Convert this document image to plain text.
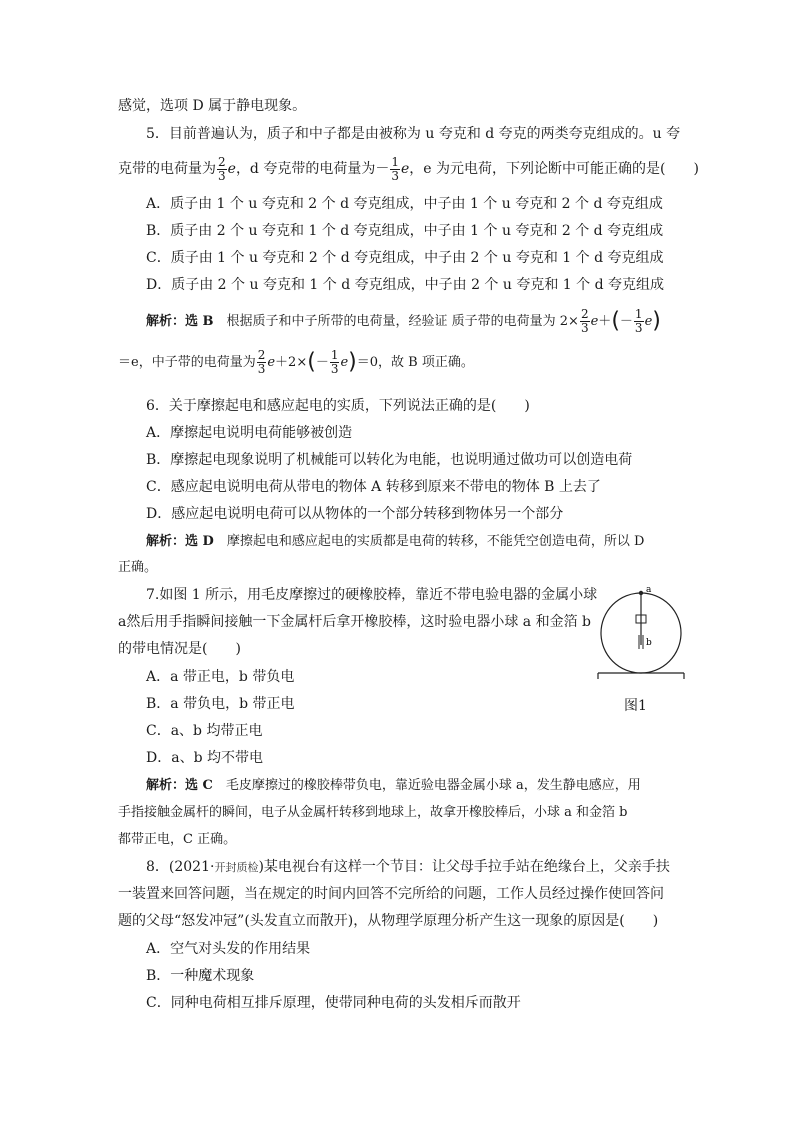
感觉，选项 D 属于静电现象。
5．目前普遍认为，质子和中子都是由被称为 u 夸克和 d 夸克的两类夸克组成的。u 夸
克带的电荷量为 $\frac{2}{3}$ e，d 夸克带的电荷量为－ $\frac{1}{3}$ e，e 为元电荷，下列论断中可能正确的是(　　)
A．质子由 1 个 u 夸克和 2 个 d 夸克组成，中子由 1 个 u 夸克和 2 个 d 夸克组成
B．质子由 2 个 u 夸克和 1 个 d 夸克组成，中子由 1 个 u 夸克和 2 个 d 夸克组成
C．质子由 1 个 u 夸克和 2 个 d 夸克组成，中子由 2 个 u 夸克和 1 个 d 夸克组成
D．质子由 2 个 u 夸克和 1 个 d 夸克组成，中子由 2 个 u 夸克和 1 个 d 夸克组成
解析：选 B　根据质子和中子所带的电荷量，经验证 质子带的电荷量为 $2\times \frac{2}{3} e+(- \frac{1}{3} e)$
＝e，中子带的电荷量为 $\frac{2}{3} e+2\times(- \frac{1}{3} e)=0$，故 B 项正确。
6．关于摩擦起电和感应起电的实质，下列说法正确的是(　　)
A．摩擦起电说明电荷能够被创造
B．摩擦起电现象说明了机械能可以转化为电能，也说明通过做功可以创造电荷
C．感应起电说明电荷从带电的物体 A 转移到原来不带电的物体 B 上去了
D．感应起电说明电荷可以从物体的一个部分转移到物体另一个部分
解析：选 D　摩擦起电和感应起电的实质都是电荷的转移，不能凭空创造电荷，所以 D
正确。
7.如图 1 所示，用毛皮摩擦过的硬橡胶棒，靠近不带电验电器的金属小球
a然后用手指瞬间接触一下金属杆后拿开橡胶棒，这时验电器小球 a 和金箔 b
的带电情况是(　　)
A．a 带正电，b 带负电
B．a 带负电，b 带正电
C．a、b 均带正电
D．a、b 均不带电
a
b
图1
解析：选 C　毛皮摩擦过的橡胶棒带负电，靠近验电器金属小球 a，发生静电感应，用
手指接触金属杆的瞬间，电子从金属杆转移到地球上，故拿开橡胶棒后，小球 a 和金箔 b
都带正电，C 正确。
8．(2021·开封质检)某电视台有这样一个节目：让父母手拉手站在绝缘台上，父亲手扶
一装置来回答问题，当在规定的时间内回答不完所给的问题，工作人员经过操作使回答问
题的父母“怒发冲冠”(头发直立而散开)，从物理学原理分析产生这一现象的原因是(　　)
A．空气对头发的作用结果
B．一种魔术现象
C．同种电荷相互排斥原理，使带同种电荷的头发相斥而散开
